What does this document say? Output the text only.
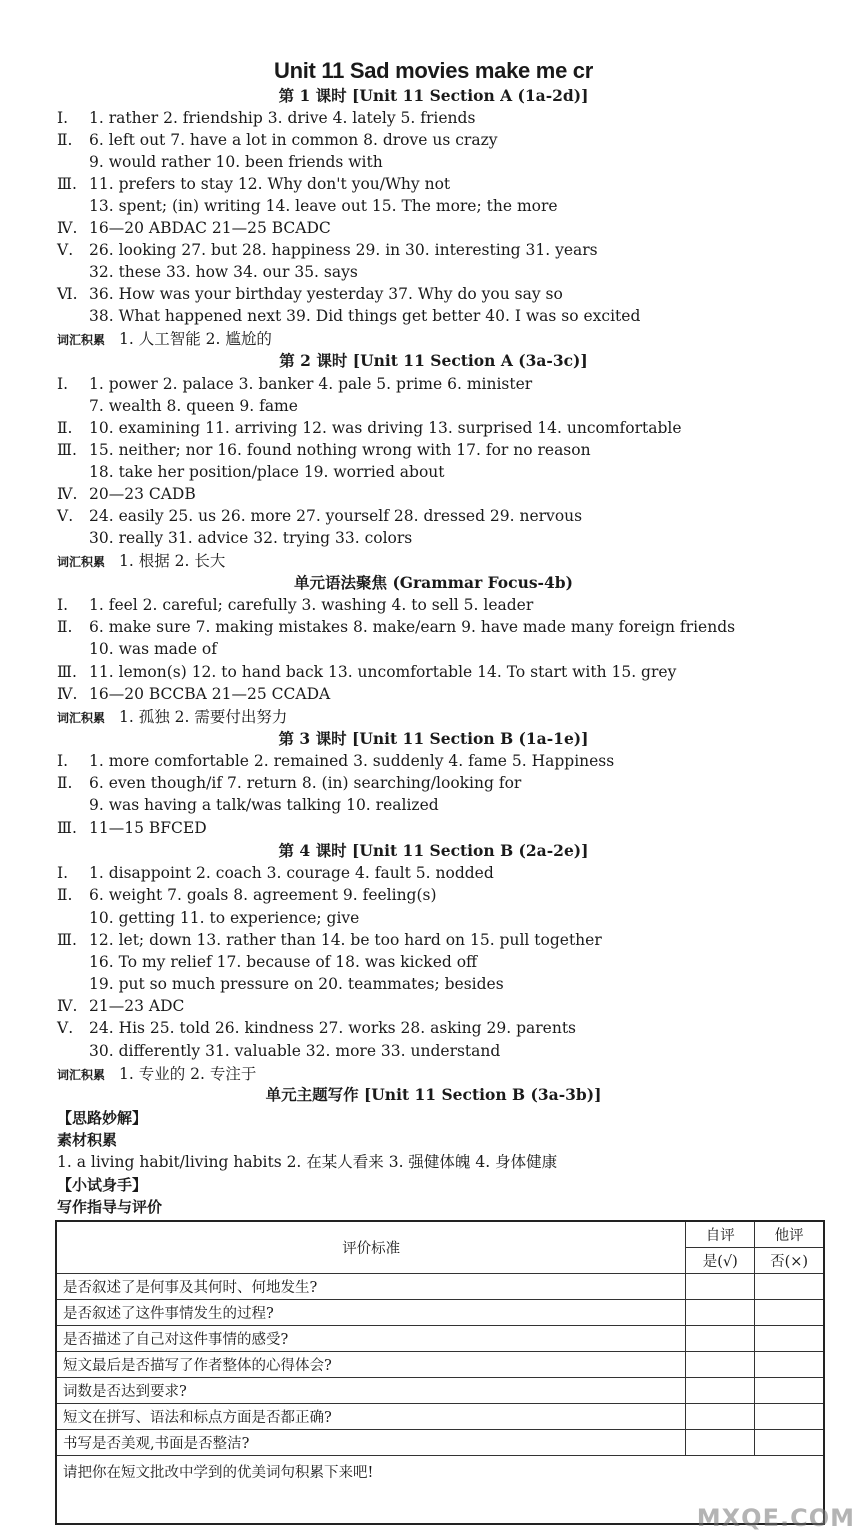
Unit 11 Sad movies make me cr
第 1 课时 [Unit 11 Section A (1a-2d)]
Ⅰ. 1. rather 2. friendship 3. drive 4. lately 5. friends
Ⅱ. 6. left out 7. have a lot in common 8. drove us crazy
9. would rather 10. been friends with
Ⅲ. 11. prefers to stay 12. Why don't you/Why not
13. spent; (in) writing 14. leave out 15. The more; the more
Ⅳ. 16—20 ABDAC 21—25 BCADC
Ⅴ. 26. looking 27. but 28. happiness 29. in 30. interesting 31. years
32. these 33. how 34. our 35. says
Ⅵ. 36. How was your birthday yesterday 37. Why do you say so
38. What happened next 39. Did things get better 40. I was so excited
词汇积累 1. 人工智能 2. 尴尬的
第 2 课时 [Unit 11 Section A (3a-3c)]
Ⅰ. 1. power 2. palace 3. banker 4. pale 5. prime 6. minister
7. wealth 8. queen 9. fame
Ⅱ. 10. examining 11. arriving 12. was driving 13. surprised 14. uncomfortable
Ⅲ. 15. neither; nor 16. found nothing wrong with 17. for no reason
18. take her position/place 19. worried about
Ⅳ. 20—23 CADB
Ⅴ. 24. easily 25. us 26. more 27. yourself 28. dressed 29. nervous
30. really 31. advice 32. trying 33. colors
词汇积累 1. 根据 2. 长大
单元语法聚焦 (Grammar Focus-4b)
Ⅰ. 1. feel 2. careful; carefully 3. washing 4. to sell 5. leader
Ⅱ. 6. make sure 7. making mistakes 8. make/earn 9. have made many foreign friends
10. was made of
Ⅲ. 11. lemon(s) 12. to hand back 13. uncomfortable 14. To start with 15. grey
Ⅳ. 16—20 BCCBA 21—25 CCADA
词汇积累 1. 孤独 2. 需要付出努力
第 3 课时 [Unit 11 Section B (1a-1e)]
Ⅰ. 1. more comfortable 2. remained 3. suddenly 4. fame 5. Happiness
Ⅱ. 6. even though/if 7. return 8. (in) searching/looking for
9. was having a talk/was talking 10. realized
Ⅲ. 11—15 BFCED
第 4 课时 [Unit 11 Section B (2a-2e)]
Ⅰ. 1. disappoint 2. coach 3. courage 4. fault 5. nodded
Ⅱ. 6. weight 7. goals 8. agreement 9. feeling(s)
10. getting 11. to experience; give
Ⅲ. 12. let; down 13. rather than 14. be too hard on 15. pull together
16. To my relief 17. because of 18. was kicked off
19. put so much pressure on 20. teammates; besides
Ⅳ. 21—23 ADC
Ⅴ. 24. His 25. told 26. kindness 27. works 28. asking 29. parents
30. differently 31. valuable 32. more 33. understand
词汇积累 1. 专业的 2. 专注于
单元主题写作 [Unit 11 Section B (3a-3b)]
【思路妙解】
素材积累
1. a living habit/living habits 2. 在某人看来 3. 强健体魄 4. 身体健康
【小试身手】
写作指导与评价
评价标准	自评	他评
	是(√)	否(×)
是否叙述了是何事及其何时、何地发生?		
是否叙述了这件事情发生的过程?		
是否描述了自己对这件事情的感受?		
短文最后是否描写了作者整体的心得体会?		
词数是否达到要求?		
短文在拼写、语法和标点方面是否都正确?		
书写是否美观,书面是否整洁?		
请把你在短文批改中学到的优美词句积累下来吧!		
MXQE.COM
